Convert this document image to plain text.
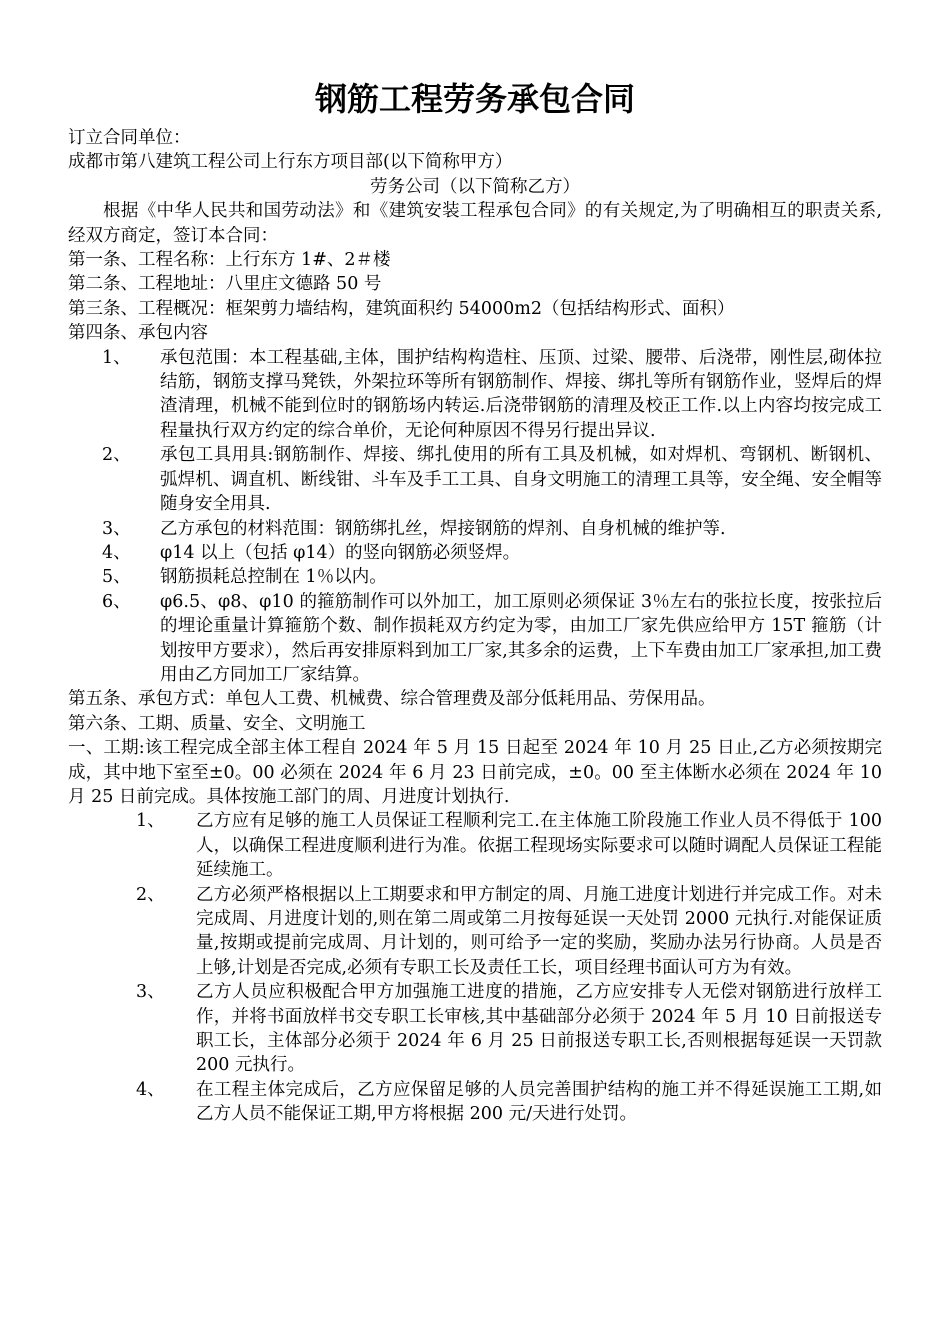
钢筋工程劳务承包合同

订立合同单位：

成都市第八建筑工程公司上行东方项目部(以下简称甲方）

劳务公司（以下简称乙方）

根据《中华人民共和国劳动法》和《建筑安装工程承包合同》的有关规定,为了明确相互的职责关系,经双方商定，签订本合同：

第一条、工程名称：上行东方 1#、2＃楼

第二条、工程地址：八里庄文德路 50 号

第三条、 工程概况：框架剪力墙结构，建筑面积约 54000m2（包括结构形式、面积）

第四条、承包内容

1、	承包范围：本工程基础,主体，围护结构构造柱、压顶、过梁、腰带、后浇带，刚性层,砌体拉结筋，钢筋支撑马凳铁，外架拉环等所有钢筋制作、焊接、绑扎等所有钢筋作业，竖焊后的焊渣清理，机械不能到位时的钢筋场内转运.后浇带钢筋的清理及校正工作.以上内容均按完成工程量执行双方约定的综合单价，无论何种原因不得另行提出异议.
2、	承包工具用具:钢筋制作、焊接、绑扎使用的所有工具及机械，如对焊机、弯钢机、断钢机、弧焊机、调直机、断线钳、斗车及手工工具、自身文明施工的清理工具等，安全绳、安全帽等随身安全用具.
3、	乙方承包的材料范围：钢筋绑扎丝，焊接钢筋的焊剂、自身机械的维护等.
4、	φ14 以上（包括 φ14）的竖向钢筋必须竖焊。
5、	钢筋损耗总控制在 1％以内。
6、	φ6.5、φ8、φ10 的箍筋制作可以外加工，加工原则必须保证 3％左右的张拉长度，按张拉后的埋论重量计算箍筋个数、制作损耗双方约定为零，由加工厂家先供应给甲方 15T 箍筋（计划按甲方要求），然后再安排原料到加工厂家,其多余的运费，上下车费由加工厂家承担,加工费用由乙方同加工厂家结算。

第五条、承包方式：单包人工费、机械费、综合管理费及部分低耗用品、劳保用品。

第六条、工期、质量、安全、文明施工

一、工期:该工程完成全部主体工程自 2024 年 5 月 15 日起至 2024 年 10 月 25 日止,乙方必须按期完成，其中地下室至±0。00 必须在 2024 年 6 月 23 日前完成，±0。00 至主体断水必须在 2024 年 10 月 25 日前完成。具体按施工部门的周、月进度计划执行.

1、	乙方应有足够的施工人员保证工程顺利完工.在主体施工阶段施工作业人员不得低于 100 人，以确保工程进度顺利进行为准。依据工程现场实际要求可以随时调配人员保证工程能延续施工。
2、	乙方必须严格根据以上工期要求和甲方制定的周、月施工进度计划进行并完成工作。对未完成周、月进度计划的,则在第二周或第二月按每延误一天处罚 2000 元执行.对能保证质量,按期或提前完成周、月计划的，则可给予一定的奖励，奖励办法另行协商。人员是否上够,计划是否完成,必须有专职工长及责任工长，项目经理书面认可方为有效。
3、	乙方人员应积极配合甲方加强施工进度的措施，乙方应安排专人无偿对钢筋进行放样工作，并将书面放样书交专职工长审核,其中基础部分必须于 2024 年 5 月 10 日前报送专职工长，主体部分必须于 2024 年 6 月 25 日前报送专职工长,否则根据每延误一天罚款 200 元执行。
4、	在工程主体完成后，乙方应保留足够的人员完善围护结构的施工并不得延误施工工期,如乙方人员不能保证工期,甲方将根据 200 元/天进行处罚。
